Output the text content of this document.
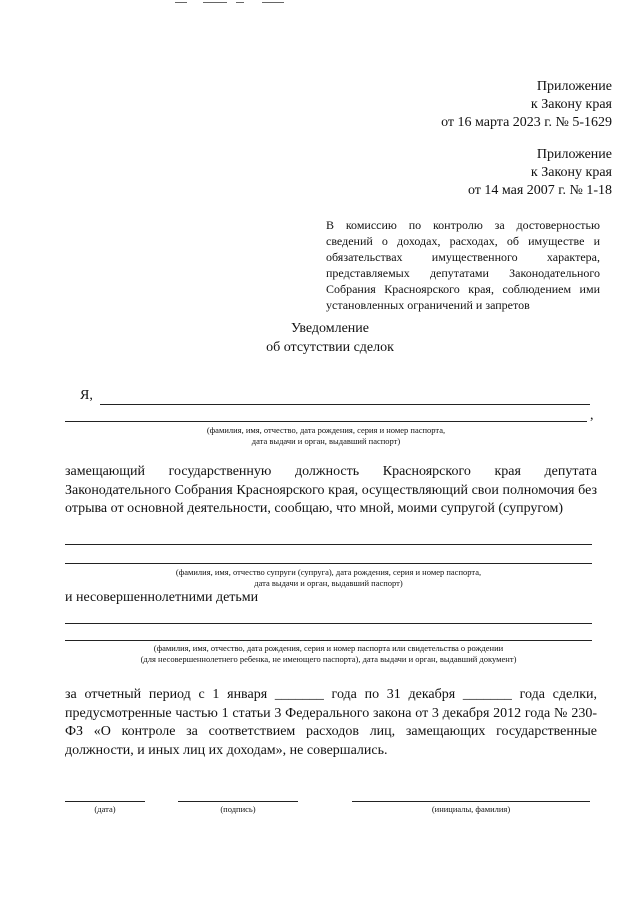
Приложение
к Закону края
от 16 марта 2023 г. № 5-1629
Приложение
к Закону края
от 14 мая 2007 г. № 1-18
В комиссию по контролю за достоверностью сведений о доходах, расходах, об имуществе и обязательствах имущественного характера, представляемых депутатами Законодательного Собрания Красноярского края, соблюдением ими установленных ограничений и запретов
Уведомление
об отсутствии сделок
Я,
,
(фамилия, имя, отчество, дата рождения, серия и номер паспорта,
дата выдачи и орган, выдавший паспорт)
замещающий государственную должность Красноярского края депутата Законодательного Собрания Красноярского края, осуществляющий свои полномочия без отрыва от основной деятельности, сообщаю, что мной, моими супругой (супругом)
(фамилия, имя, отчество супруги (супруга), дата рождения, серия и номер паспорта,
дата выдачи и орган, выдавший паспорт)
и несовершеннолетними детьми
(фамилия, имя, отчество, дата рождения, серия и номер паспорта или свидетельства о рождении
(для несовершеннолетнего ребенка, не имеющего паспорта), дата выдачи и орган, выдавший документ)
за отчетный период с 1 января _______ года по 31 декабря _______ года сделки, предусмотренные частью 1 статьи 3 Федерального закона от 3 декабря 2012 года № 230-ФЗ «О контроле за соответствием расходов лиц, замещающих государственные должности, и иных лиц их доходам», не совершались.
(дата)	(подпись)	(инициалы, фамилия)
